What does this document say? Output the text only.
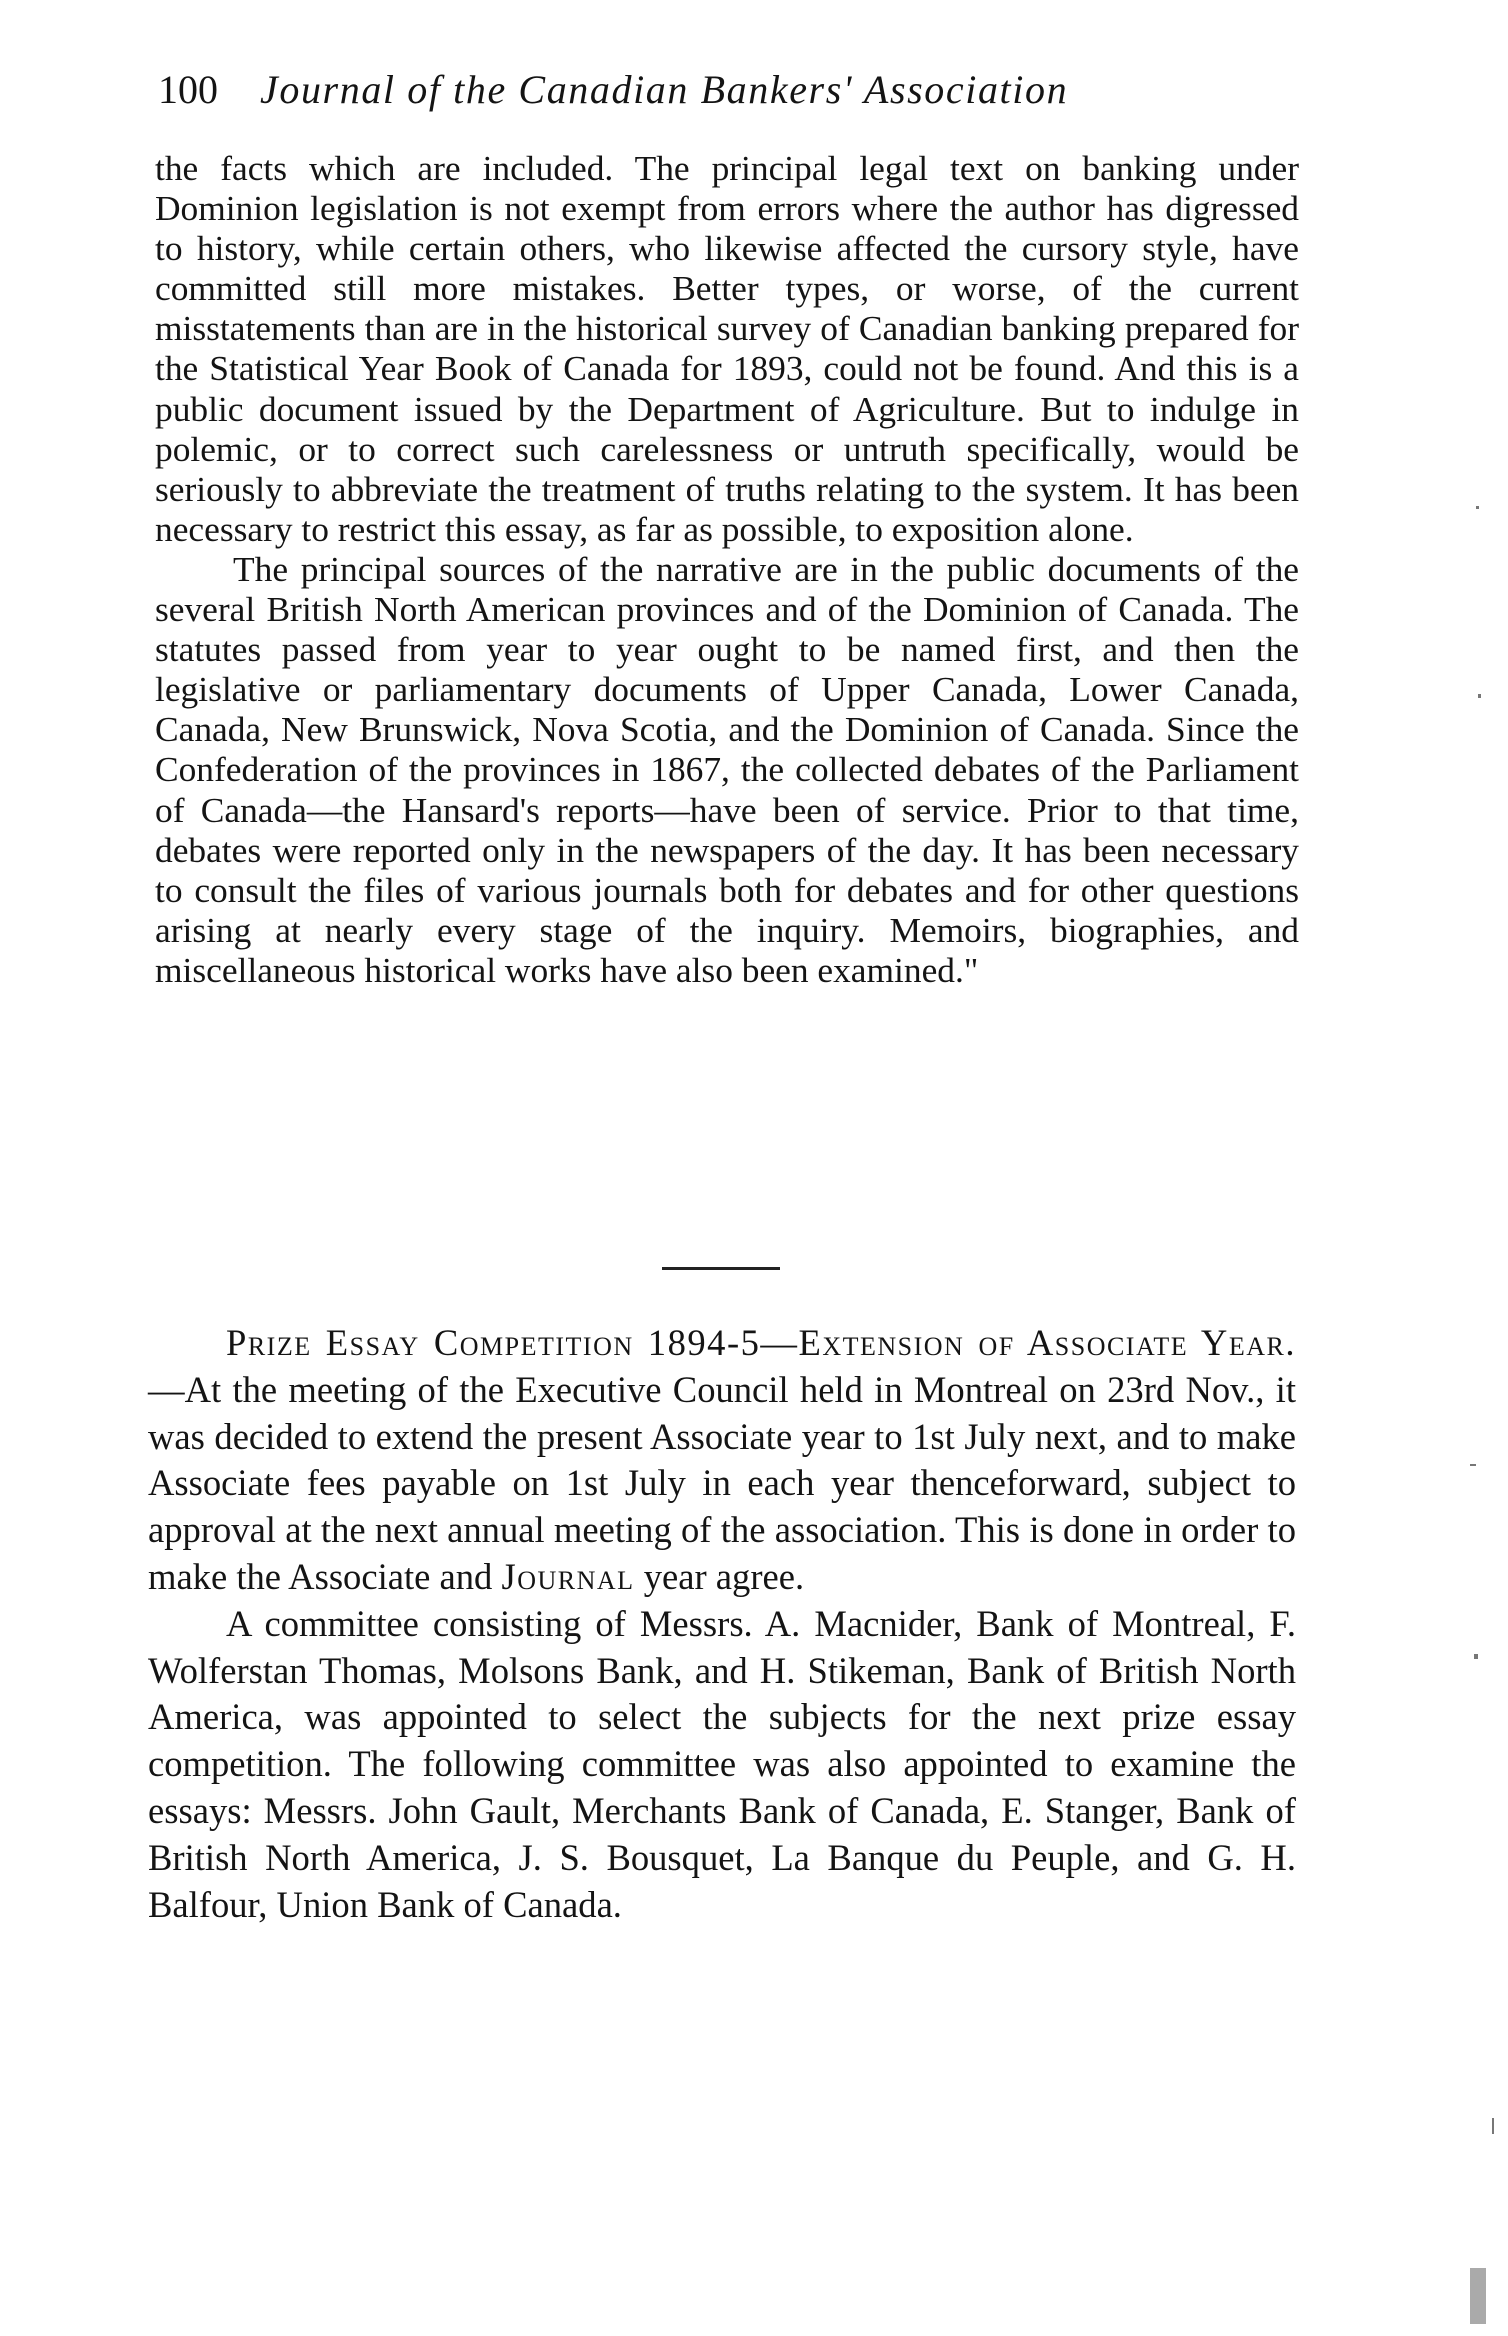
100 Journal of the Canadian Bankers' Association

the facts which are included. The principal legal text on banking under Dominion legislation is not exempt from errors where the author has digressed to history, while certain others, who likewise affected the cursory style, have committed still more mistakes. Better types, or worse, of the current misstatements than are in the historical survey of Canadian banking prepared for the Statistical Year Book of Canada for 1893, could not be found. And this is a public document issued by the Department of Agriculture. But to indulge in polemic, or to correct such carelessness or untruth specifically, would be seriously to abbreviate the treatment of truths relating to the system. It has been necessary to restrict this essay, as far as possible, to exposition alone.

The principal sources of the narrative are in the public documents of the several British North American provinces and of the Dominion of Canada. The statutes passed from year to year ought to be named first, and then the legislative or parliamentary documents of Upper Canada, Lower Canada, Canada, New Brunswick, Nova Scotia, and the Dominion of Canada. Since the Confederation of the provinces in 1867, the collected debates of the Parliament of Canada—the Hansard's reports—have been of service. Prior to that time, debates were reported only in the newspapers of the day. It has been necessary to consult the files of various journals both for debates and for other questions arising at nearly every stage of the inquiry. Memoirs, biographies, and miscellaneous historical works have also been examined."

Prize Essay Competition 1894-5—Extension of Associate Year.—At the meeting of the Executive Council held in Montreal on 23rd Nov., it was decided to extend the present Associate year to 1st July next, and to make Associate fees payable on 1st July in each year thenceforward, subject to approval at the next annual meeting of the association. This is done in order to make the Associate and Journal year agree.

A committee consisting of Messrs. A. Macnider, Bank of Montreal, F. Wolferstan Thomas, Molsons Bank, and H. Stikeman, Bank of British North America, was appointed to select the subjects for the next prize essay competition. The following committee was also appointed to examine the essays: Messrs. John Gault, Merchants Bank of Canada, E. Stanger, Bank of British North America, J. S. Bousquet, La Banque du Peuple, and G. H. Balfour, Union Bank of Canada.
